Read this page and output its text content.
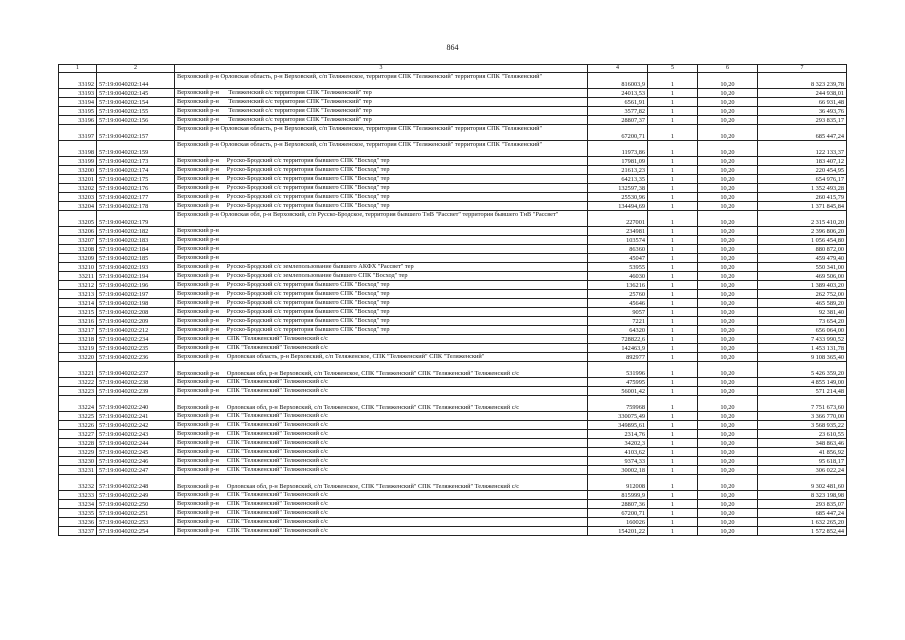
864
1	2	3	4	5	6	7
33192	57:19:0040202:144	Верховский р-н Орловская область, р-н Верховский, с/п Теляженское, территория СПК "Теляженский" территория СПК "Теляженский"	816003,9	1	10,20	8 323 239,78
33193	57:19:0040202:145	Верховский р-н      Теляженский с/с территория СПК "Теляженский" тер	24013,53	1	10,20	244 938,01
33194	57:19:0040202:154	Верховский р-н      Теляженский с/с территория СПК "Теляженский" тер	6561,91	1	10,20	66 931,48
33195	57:19:0040202:155	Верховский р-н      Теляженский с/с территория СПК "Теляженский" тер	3577,82	1	10,20	36 493,76
33196	57:19:0040202:156	Верховский р-н      Теляженский с/с территория СПК "Теляженский" тер	28807,37	1	10,20	293 835,17
33197	57:19:0040202:157	Верховский р-н Орловская область, р-н Верховский, с/п Теляженское, территория СПК "Теляженский" территория СПК "Теляженский"	67200,71	1	10,20	685 447,24
33198	57:19:0040202:159	Верховский р-н Орловская область, р-н Верховский, с/п Теляженское, территория СПК "Теляженский" территория СПК "Теляженский"	11973,86	1	10,20	122 133,37
33199	57:19:0040202:173	Верховский р-н     Русско-Бродский с/с территория бывшего СПК "Восход" тер	17981,09	1	10,20	183 407,12
33200	57:19:0040202:174	Верховский р-н     Русско-Бродский с/с территория бывшего СПК "Восход" тер	21613,23	1	10,20	220 454,95
33201	57:19:0040202:175	Верховский р-н     Русско-Бродский с/с территория бывшего СПК "Восход" тер	64213,35	1	10,20	654 976,17
33202	57:19:0040202:176	Верховский р-н     Русско-Бродский с/с территория бывшего СПК "Восход" тер	132597,38	1	10,20	1 352 493,28
33203	57:19:0040202:177	Верховский р-н     Русско-Бродский с/с территория бывшего СПК "Восход" тер	25530,96	1	10,20	260 415,79
33204	57:19:0040202:178	Верховский р-н     Русско-Бродский с/с территория бывшего СПК "Восход" тер	134494,69	1	10,20	1 371 845,84
33205	57:19:0040202:179	Верховский р-н Орловская обл, р-н Верховский, с/п Русско-Бродское, территория бывшего ТнВ "Рассвет" территория бывшего ТнВ "Рассвет"	227001	1	10,20	2 315 410,20
33206	57:19:0040202:182	Верховский р-н	234981	1	10,20	2 396 806,20
33207	57:19:0040202:183	Верховский р-н	103574	1	10,20	1 056 454,80
33208	57:19:0040202:184	Верховский р-н	86360	1	10,20	880 872,00
33209	57:19:0040202:185	Верховский р-н	45047	1	10,20	459 479,40
33210	57:19:0040202:193	Верховский р-н     Русско-Бродский с/с землепользование бывшего АКФХ "Рассвет" тер	53955	1	10,20	550 341,00
33211	57:19:0040202:194	Верховский р-н     Русско-Бродский с/с землепользование бывшего СПК "Восход" тер	46030	1	10,20	469 506,00
33212	57:19:0040202:196	Верховский р-н     Русско-Бродский с/с территория бывшего СПК "Восход" тер	136216	1	10,20	1 389 403,20
33213	57:19:0040202:197	Верховский р-н     Русско-Бродский с/с территория бывшего СПК "Восход" тер	25760	1	10,20	262 752,00
33214	57:19:0040202:198	Верховский р-н     Русско-Бродский с/с территория бывшего СПК "Восход" тер	45646	1	10,20	465 589,20
33215	57:19:0040202:208	Верховский р-н     Русско-Бродский с/с территория бывшего СПК "Восход" тер	9057	1	10,20	92 381,40
33216	57:19:0040202:209	Верховский р-н     Русско-Бродский с/с территория бывшего СПК "Восход" тер	7221	1	10,20	73 654,20
33217	57:19:0040202:212	Верховский р-н     Русско-Бродский с/с территория бывшего СПК "Восход" тер	64320	1	10,20	656 064,00
33218	57:19:0040202:234	Верховский р-н     СПК "Теляженский" Теляженский с/с	728822,6	1	10,20	7 433 990,52
33219	57:19:0040202:235	Верховский р-н     СПК "Теляженский" Теляженский с/с	142463,9	1	10,20	1 453 131,78
33220	57:19:0040202:236	Верховский р-н     Орловская область, р-н Верховский, с/п Теляженское, СПК "Теляженский" СПК "Теляженский"	892977	1	10,20	9 108 365,40
33221	57:19:0040202:237	Верховский р-н     Орловская обл, р-н Верховский, с/п Теляженское, СПК "Теляженский" СПК "Теляженский" Теляженский с/с	531996	1	10,20	5 426 359,20
33222	57:19:0040202:238	Верховский р-н     СПК "Теляженский" Теляженский с/с	475995	1	10,20	4 855 149,00
33223	57:19:0040202:239	Верховский р-н     СПК "Теляженский" Теляженский с/с	56001,42	1	10,20	571 214,48
33224	57:19:0040202:240	Верховский р-н     Орловская обл, р-н Верховский, с/п Теляженское, СПК "Теляженский" СПК "Теляженский" Теляженский с/с	759968	1	10,20	7 751 673,60
33225	57:19:0040202:241	Верховский р-н     СПК "Теляженский" Теляженский с/с	330075,49	1	10,20	3 366 770,00
33226	57:19:0040202:242	Верховский р-н     СПК "Теляженский" Теляженский с/с	349895,61	1	10,20	3 568 935,22
33227	57:19:0040202:243	Верховский р-н     СПК "Теляженский" Теляженский с/с	2314,76	1	10,20	23 610,55
33228	57:19:0040202:244	Верховский р-н     СПК "Теляженский" Теляженский с/с	34202,3	1	10,20	348 863,46
33229	57:19:0040202:245	Верховский р-н     СПК "Теляженский" Теляженский с/с	4103,62	1	10,20	41 856,92
33230	57:19:0040202:246	Верховский р-н     СПК "Теляженский" Теляженский с/с	9374,33	1	10,20	95 618,17
33231	57:19:0040202:247	Верховский р-н     СПК "Теляженский" Теляженский с/с	30002,18	1	10,20	306 022,24
33232	57:19:0040202:248	Верховский р-н     Орловская обл, р-н Верховский, с/п Теляженское, СПК "Теляженский" СПК "Теляженский" Теляженский с/с	912008	1	10,20	9 302 481,60
33233	57:19:0040202:249	Верховский р-н     СПК "Теляженский" Теляженский с/с	815999,9	1	10,20	8 323 198,98
33234	57:19:0040202:250	Верховский р-н     СПК "Теляженский" Теляженский с/с	28807,36	1	10,20	293 835,07
33235	57:19:0040202:251	Верховский р-н     СПК "Теляженский" Теляженский с/с	67200,71	1	10,20	685 447,24
33236	57:19:0040202:253	Верховский р-н     СПК "Теляженский" Теляженский с/с	160026	1	10,20	1 632 265,20
33237	57:19:0040202:254	Верховский р-н     СПК "Теляженский" Теляженский с/с	154201,22	1	10,20	1 572 852,44
